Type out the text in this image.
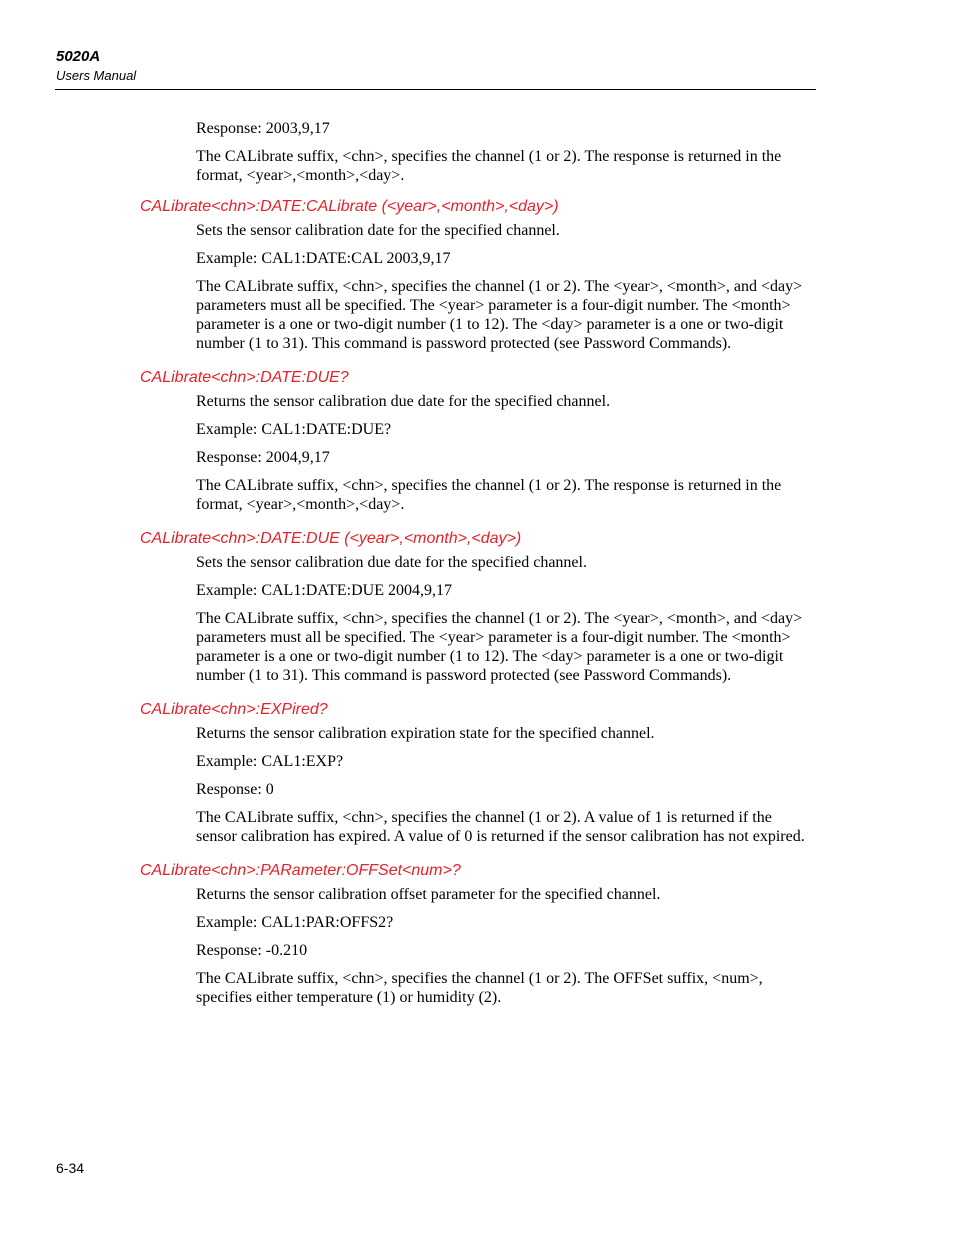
5020A
Users Manual

Response: 2003,9,17

The CALibrate suffix, <chn>, specifies the channel (1 or 2). The response is returned in the format, <year>,<month>,<day>.

CALibrate<chn>:DATE:CALibrate (<year>,<month>,<day>)

Sets the sensor calibration date for the specified channel.

Example: CAL1:DATE:CAL 2003,9,17

The CALibrate suffix, <chn>, specifies the channel (1 or 2). The <year>, <month>, and <day> parameters must all be specified. The <year> parameter is a four-digit number. The <month> parameter is a one or two-digit number (1 to 12). The <day> parameter is a one or two-digit number (1 to 31). This command is password protected (see Password Commands).

CALibrate<chn>:DATE:DUE?

Returns the sensor calibration due date for the specified channel.

Example: CAL1:DATE:DUE?

Response: 2004,9,17

The CALibrate suffix, <chn>, specifies the channel (1 or 2). The response is returned in the format, <year>,<month>,<day>.

CALibrate<chn>:DATE:DUE (<year>,<month>,<day>)

Sets the sensor calibration due date for the specified channel.

Example: CAL1:DATE:DUE 2004,9,17

The CALibrate suffix, <chn>, specifies the channel (1 or 2). The <year>, <month>, and <day> parameters must all be specified. The <year> parameter is a four-digit number. The <month> parameter is a one or two-digit number (1 to 12). The <day> parameter is a one or two-digit number (1 to 31). This command is password protected (see Password Commands).

CALibrate<chn>:EXPired?

Returns the sensor calibration expiration state for the specified channel.

Example: CAL1:EXP?

Response: 0

The CALibrate suffix, <chn>, specifies the channel (1 or 2). A value of 1 is returned if the sensor calibration has expired. A value of 0 is returned if the sensor calibration has not expired.

CALibrate<chn>:PARameter:OFFSet<num>?

Returns the sensor calibration offset parameter for the specified channel.

Example: CAL1:PAR:OFFS2?

Response: -0.210

The CALibrate suffix, <chn>, specifies the channel (1 or 2). The OFFSet suffix, <num>, specifies either temperature (1) or humidity (2).

6-34
